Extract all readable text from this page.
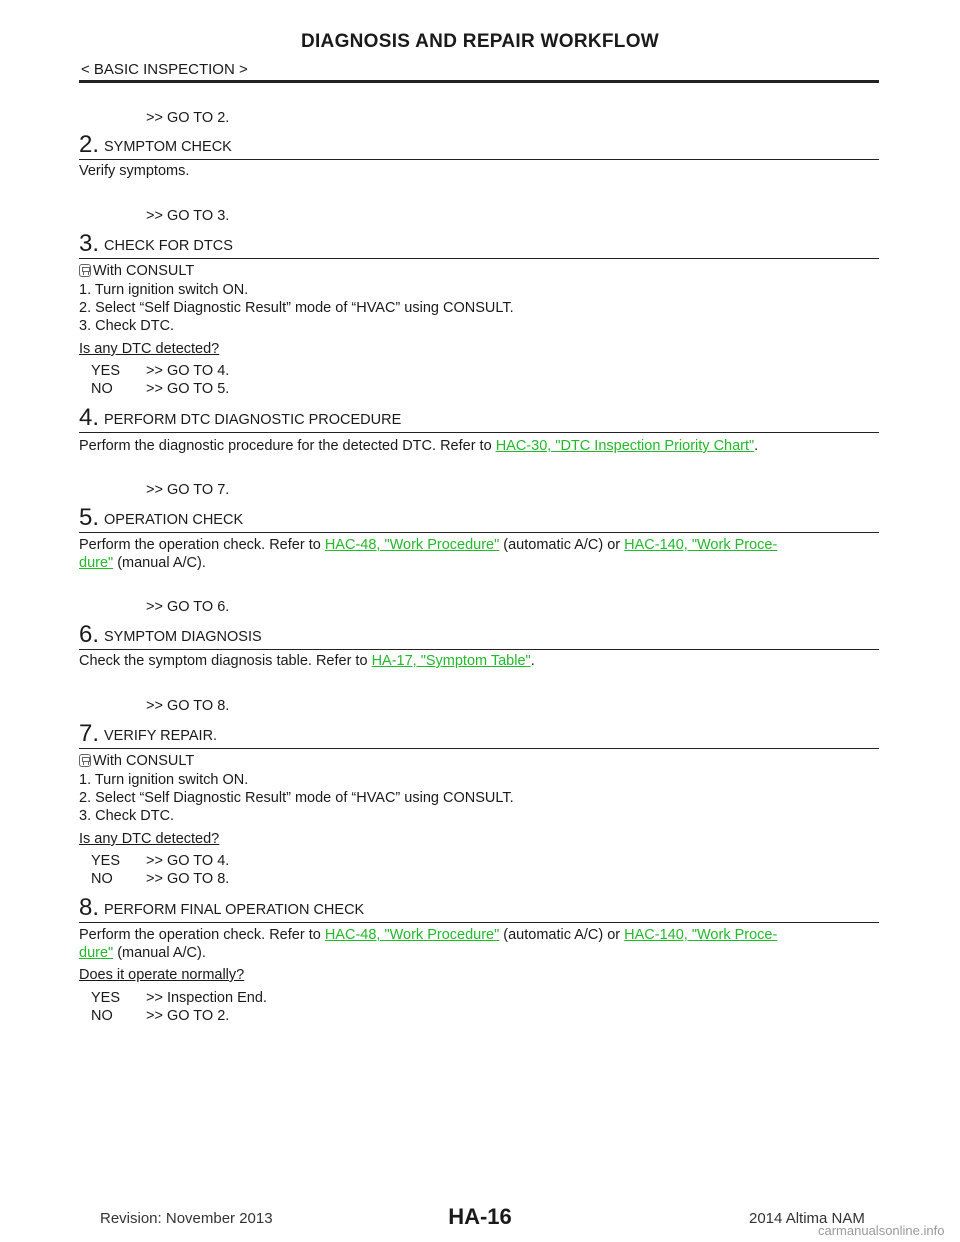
DIAGNOSIS AND REPAIR WORKFLOW
< BASIC INSPECTION >
>> GO TO 2.
2. SYMPTOM CHECK
Verify symptoms.
>> GO TO 3.
3. CHECK FOR DTCS
With CONSULT
1. Turn ignition switch ON.
2. Select “Self Diagnostic Result” mode of “HVAC” using CONSULT.
3. Check DTC.
Is any DTC detected?
YES >> GO TO 4.
NO >> GO TO 5.
4. PERFORM DTC DIAGNOSTIC PROCEDURE
Perform the diagnostic procedure for the detected DTC. Refer to HAC-30, "DTC Inspection Priority Chart".
>> GO TO 7.
5. OPERATION CHECK
Perform the operation check. Refer to HAC-48, "Work Procedure" (automatic A/C) or HAC-140, "Work Proce-
dure" (manual A/C).
>> GO TO 6.
6. SYMPTOM DIAGNOSIS
Check the symptom diagnosis table. Refer to HA-17, "Symptom Table".
>> GO TO 8.
7. VERIFY REPAIR.
With CONSULT
1. Turn ignition switch ON.
2. Select “Self Diagnostic Result” mode of “HVAC” using CONSULT.
3. Check DTC.
Is any DTC detected?
YES >> GO TO 4.
NO >> GO TO 8.
8. PERFORM FINAL OPERATION CHECK
Perform the operation check. Refer to HAC-48, "Work Procedure" (automatic A/C) or HAC-140, "Work Proce-
dure" (manual A/C).
Does it operate normally?
YES >> Inspection End.
NO >> GO TO 2.
Revision: November 2013	HA-16	2014 Altima NAM
carmanualsonline.info
